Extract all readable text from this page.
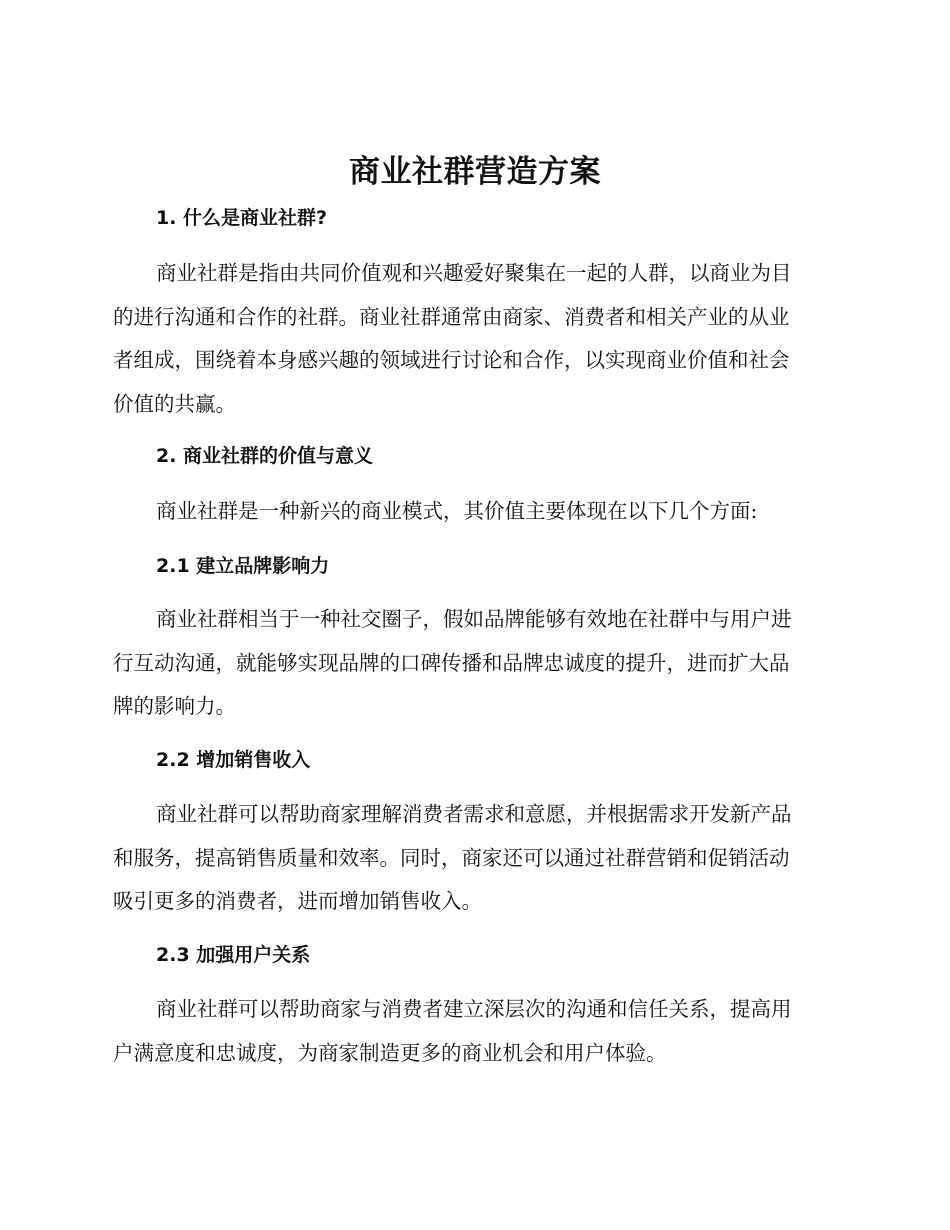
商业社群营造方案
1. 什么是商业社群?

商业社群是指由共同价值观和兴趣爱好聚集在一起的人群，以商业为目
的进行沟通和合作的社群。商业社群通常由商家、消费者和相关产业的从业
者组成，围绕着本身感兴趣的领域进行讨论和合作，以实现商业价值和社会
价值的共赢。

2. 商业社群的价值与意义

商业社群是一种新兴的商业模式，其价值主要体现在以下几个方面:

2.1 建立品牌影响力

商业社群相当于一种社交圈子，假如品牌能够有效地在社群中与用户进
行互动沟通，就能够实现品牌的口碑传播和品牌忠诚度的提升，进而扩大品
牌的影响力。

2.2 增加销售收入

商业社群可以帮助商家理解消费者需求和意愿，并根据需求开发新产品
和服务，提高销售质量和效率。同时，商家还可以通过社群营销和促销活动
吸引更多的消费者，进而增加销售收入。

2.3 加强用户关系

商业社群可以帮助商家与消费者建立深层次的沟通和信任关系，提高用
户满意度和忠诚度，为商家制造更多的商业机会和用户体验。
